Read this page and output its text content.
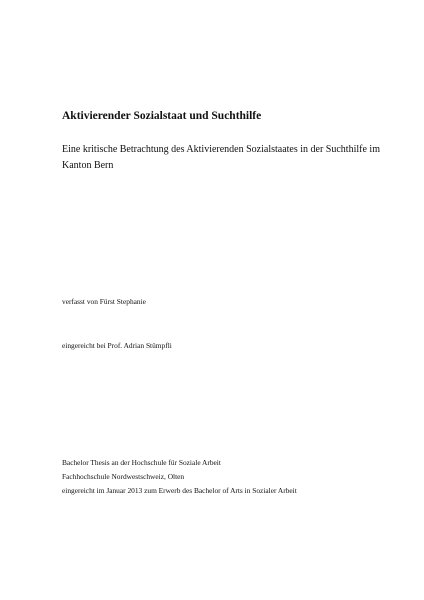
Aktivierender Sozialstaat und Suchthilfe

Eine kritische Betrachtung des Aktivierenden Sozialstaates in der Suchthilfe im Kanton Bern

verfasst von Fürst Stephanie

eingereicht bei Prof. Adrian Stümpfli

Bachelor Thesis an der Hochschule für Soziale Arbeit
Fachhochschule Nordwestschweiz, Olten
eingereicht im Januar 2013 zum Erwerb des Bachelor of Arts in Sozialer Arbeit
